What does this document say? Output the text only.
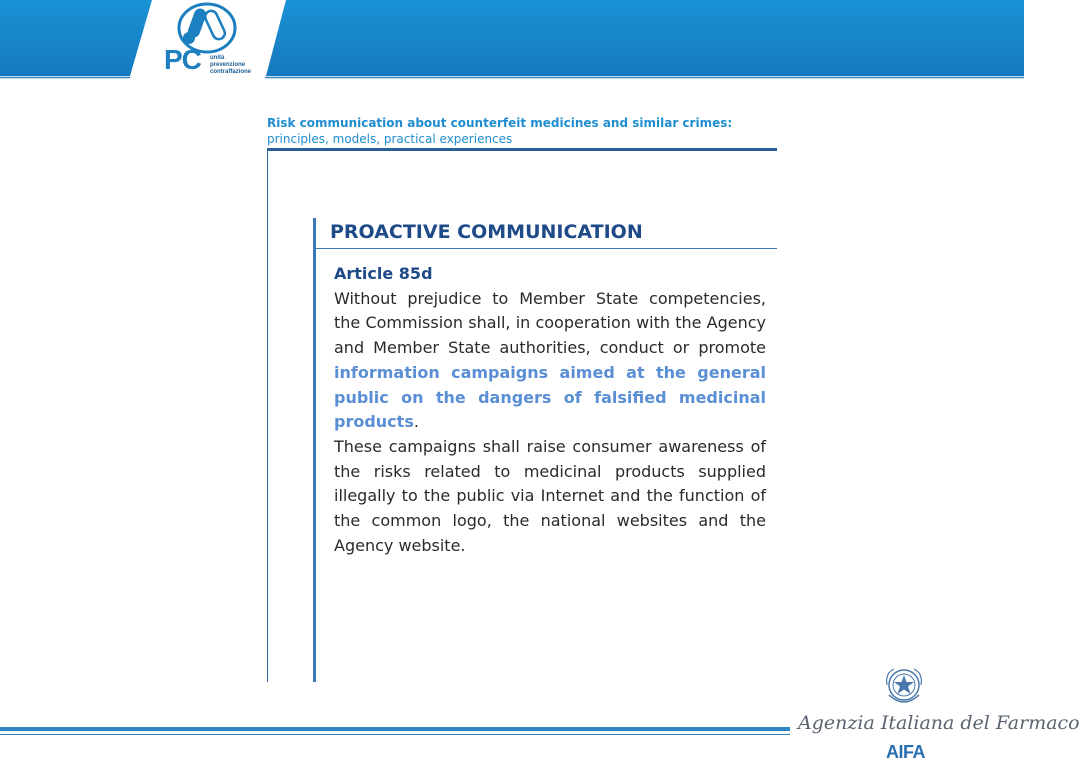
PC unità
prevenzione
contraffazione
Risk communication about counterfeit medicines and similar crimes:
principles, models, practical experiences
PROACTIVE COMMUNICATION
Article 85d
Without prejudice to Member State competencies, the Commission shall, in cooperation with the Agency and Member State authorities, conduct or promote information campaigns aimed at the general public on the dangers of falsified medicinal products.
These campaigns shall raise consumer awareness of the risks related to medicinal products supplied illegally to the public via Internet and the function of the common logo, the national websites and the Agency website.
Agenzia Italiana del Farmaco
AIFA
